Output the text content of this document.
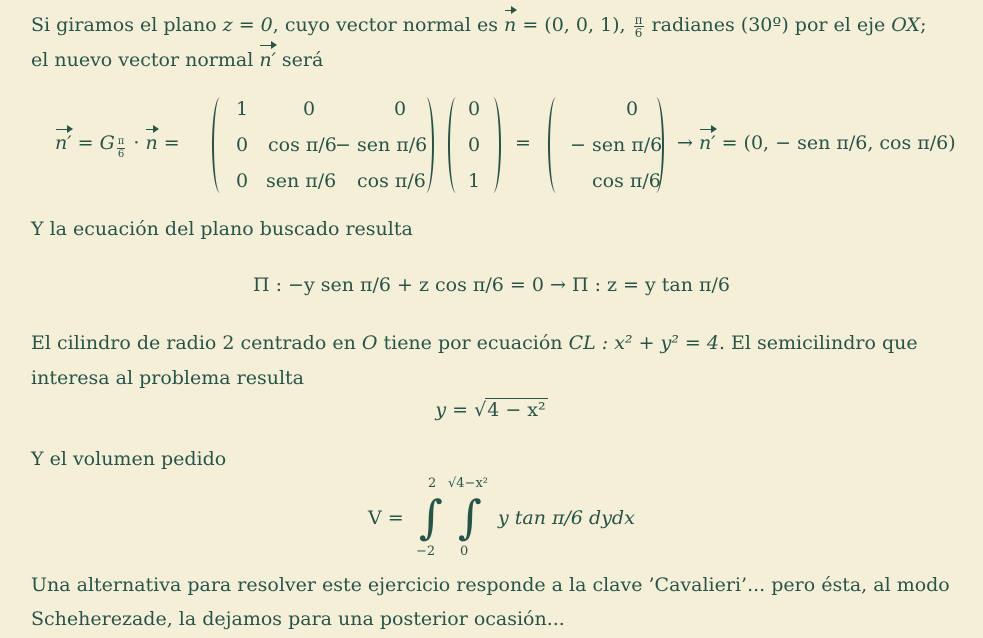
Si giramos el plano z = 0, cuyo vector normal es n = (0, 0, 1), $\frac{\pi}{6}$ radianes (30º) por el eje OX;
el nuevo vector normal n′ será
n′ = G $\frac{\pi}{6} \cdot n$ =
1	0	0
0 cos π/6
− sen π/6
0 sen π/6 cos π/6
0
0
1
=
0
− sen π/6
cos π/6
→ n′ = (0, − sen π/6, cos π/6)
Y la ecuación del plano buscado resulta
Π : −y sen π/6 + z cos π/6 = 0 → Π : z = y tan π/6
El cilindro de radio 2 centrado en O tiene por ecuación CL : x² + y² = 4. El semicilindro que
interesa al problema resulta
y = √4 − x²
Y el volumen pedido
V =
2
∫
−2
√4−x²
∫
0
y tan π/6 dydx
Una alternativa para resolver este ejercicio responde a la clave ’Cavalieri’... pero ésta, al modo
Scheherezade, la dejamos para una posterior ocasión...
